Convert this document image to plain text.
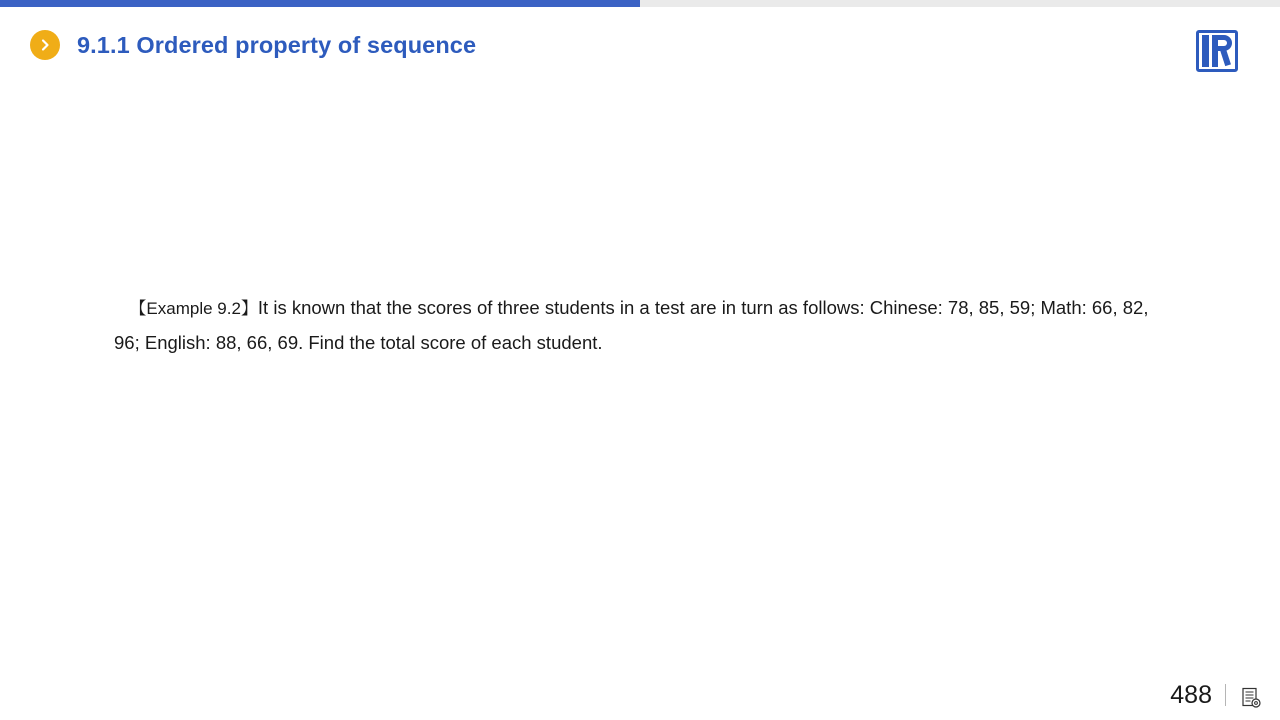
9.1.1 Ordered property of sequence

【Example 9.2】It is known that the scores of three students in a test are in turn as follows: Chinese: 78, 85, 59; Math: 66, 82, 96; English: 88, 66, 69. Find the total score of each student.

488
